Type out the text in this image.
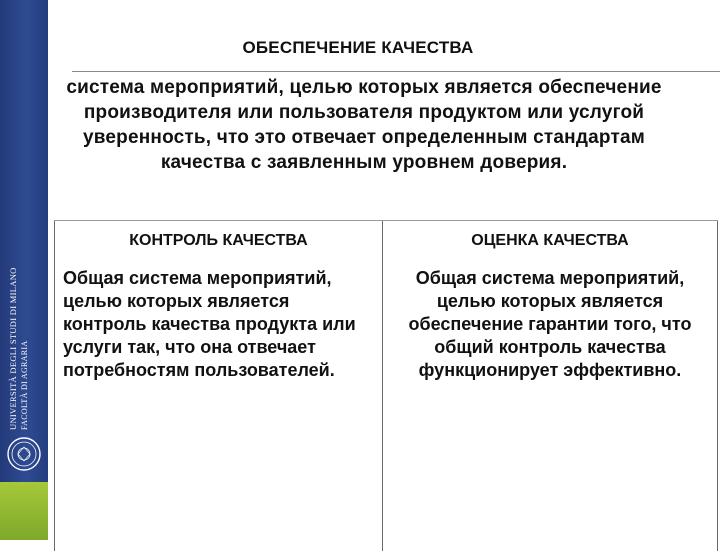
UNIVERSITÀ DEGLI STUDI DI MILANO FACOLTÀ DI AGRARIA
ОБЕСПЕЧЕНИЕ КАЧЕСТВА
система мероприятий, целью которых является обеспечение производителя или пользователя продуктом или услугой уверенность, что это отвечает определенным стандартам качества с заявленным уровнем доверия.
КОНТРОЛЬ КАЧЕСТВА
Общая система мероприятий, целью которых является контроль качества продукта или услуги так, что она отвечает потребностям пользователей.
ОЦЕНКА КАЧЕСТВА
Общая система мероприятий, целью которых является обеспечение гарантии того, что общий контроль качества функционирует эффективно.
